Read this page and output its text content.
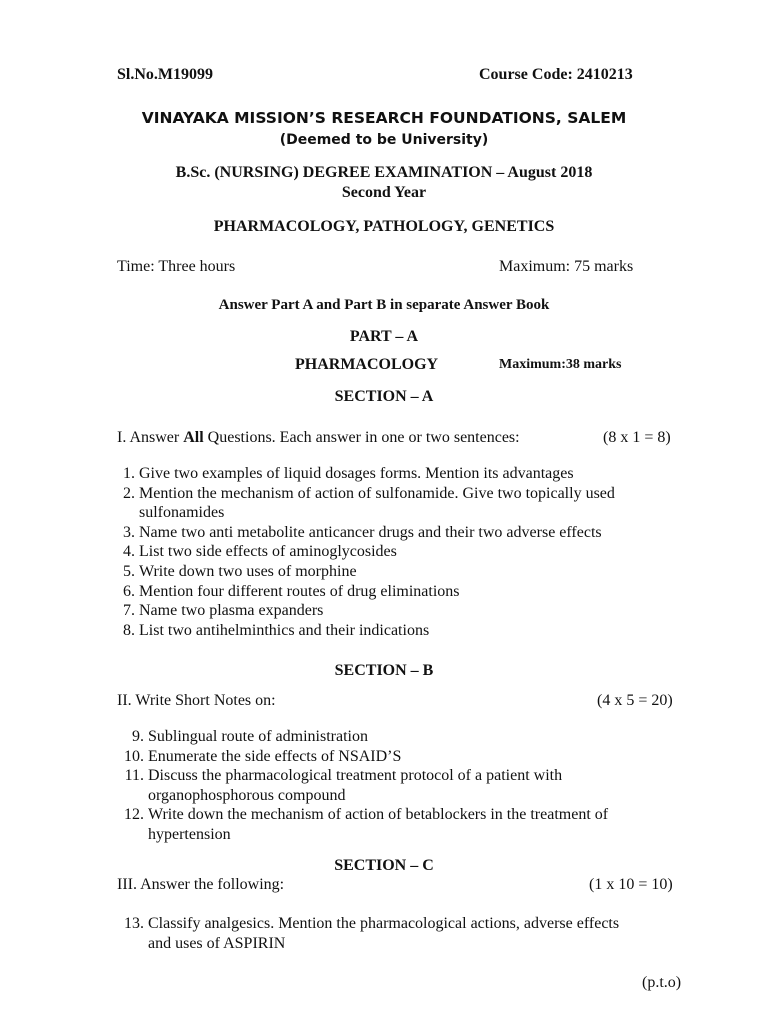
Sl.No.M19099	Course Code: 2410213
VINAYAKA MISSION’S RESEARCH FOUNDATIONS, SALEM
(Deemed to be University)
B.Sc. (NURSING) DEGREE EXAMINATION – August 2018
Second Year
PHARMACOLOGY, PATHOLOGY, GENETICS
Time: Three hours	Maximum: 75 marks
Answer Part A and Part B in separate Answer Book
PART – A
PHARMACOLOGY	Maximum:38 marks
SECTION – A
I. Answer All Questions. Each answer in one or two sentences:	(8 x 1 = 8)
1. Give two examples of liquid dosages forms. Mention its advantages
2. Mention the mechanism of action of sulfonamide. Give two topically used
sulfonamides
3. Name two anti metabolite anticancer drugs and their two adverse effects
4. List two side effects of aminoglycosides
5. Write down two uses of morphine
6. Mention four different routes of drug eliminations
7. Name two plasma expanders
8. List two antihelminthics and their indications
SECTION – B
II. Write Short Notes on:	(4 x 5 = 20)
9. Sublingual route of administration
10. Enumerate the side effects of NSAID’S
11. Discuss the pharmacological treatment protocol of a patient with
organophosphorous compound
12. Write down the mechanism of action of betablockers in the treatment of
hypertension
SECTION – C
III. Answer the following:	(1 x 10 = 10)
13. Classify analgesics. Mention the pharmacological actions, adverse effects
and uses of ASPIRIN
(p.t.o)
